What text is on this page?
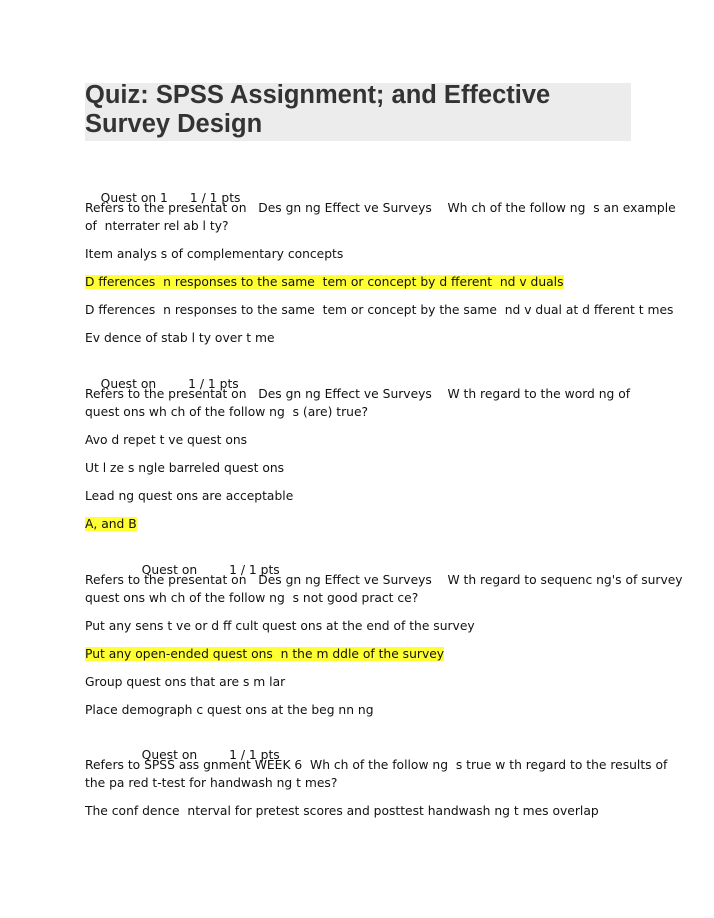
Quiz: SPSS Assignment; and Effective Survey Design

Quest on 1 1 / 1 pts

Refers to the presentat on   Des gn ng Effect ve Surveys    Wh ch of the follow ng  s an example
of  nterrater rel ab l ty?
Item analys s of complementary concepts
D fferences  n responses to the same  tem or concept by d fferent  nd v duals
D fferences  n responses to the same  tem or concept by the same  nd v dual at d fferent t mes
Ev dence of stab l ty over t me

Quest on	1 / 1 pts

Refers to the presentat on   Des gn ng Effect ve Surveys    W th regard to the word ng of
quest ons wh ch of the follow ng  s (are) true?
Avo d repet t ve quest ons
Ut l ze s ngle barreled quest ons
Lead ng quest ons are acceptable
A, and B

Quest on	1 / 1 pts

Refers to the presentat on   Des gn ng Effect ve Surveys    W th regard to sequenc ng's of survey
quest ons wh ch of the follow ng  s not good pract ce?
Put any sens t ve or d ff cult quest ons at the end of the survey
Put any open-ended quest ons  n the m ddle of the survey
Group quest ons that are s m lar
Place demograph c quest ons at the beg nn ng

Quest on	1 / 1 pts

Refers to SPSS ass gnment WEEK 6  Wh ch of the follow ng  s true w th regard to the results of
the pa red t-test for handwash ng t mes?
The conf dence  nterval for pretest scores and posttest handwash ng t mes overlap
